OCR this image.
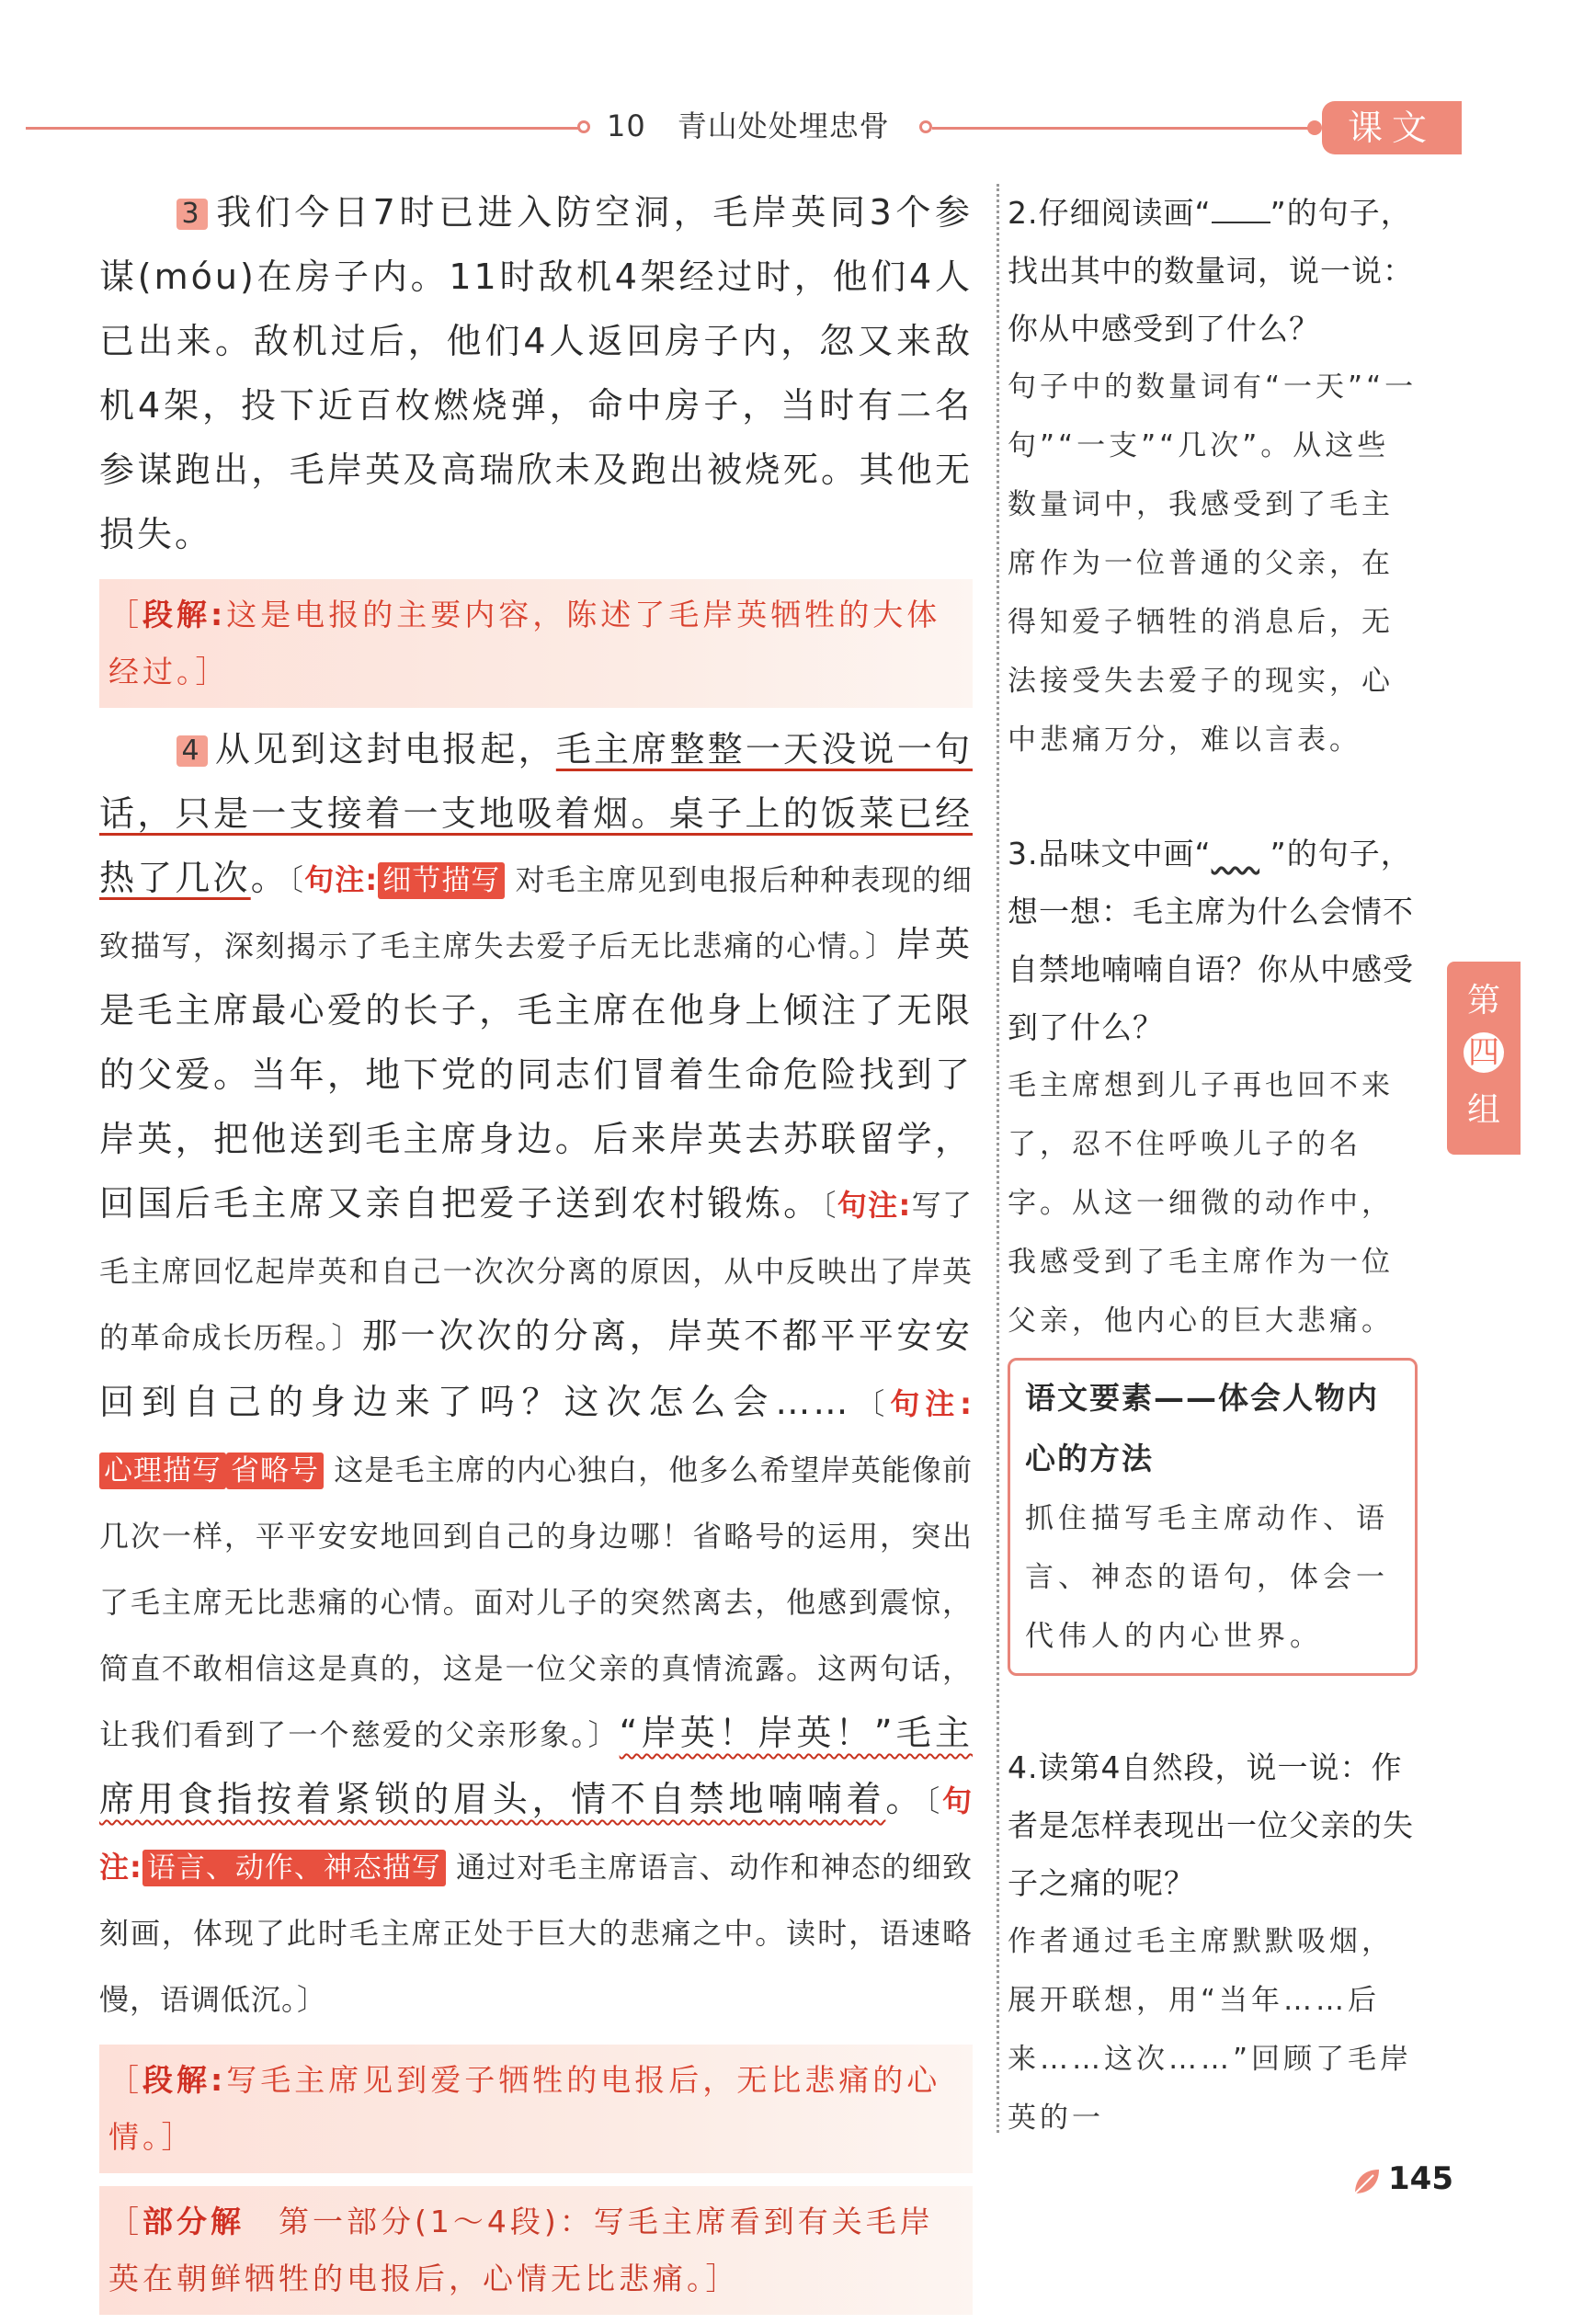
10 青山处处埋忠骨	课文

3 我们今日7时已进入防空洞，毛岸英同3个参谋(móu)在房子内。11时敌机4架经过时，他们4人已出来。敌机过后，他们4人返回房子内，忽又来敌机4架，投下近百枚燃烧弹，命中房子，当时有二名参谋跑出，毛岸英及高瑞欣未及跑出被烧死。其他无损失。

［段解:这是电报的主要内容，陈述了毛岸英牺牲的大体经过。］

4 从见到这封电报起，毛主席整整一天没说一句话，只是一支接着一支地吸着烟。桌子上的饭菜已经热了几次。〔句注: 细节描写 对毛主席见到电报后种种表现的细致描写，深刻揭示了毛主席失去爱子后无比悲痛的心情。〕岸英是毛主席最心爱的长子，毛主席在他身上倾注了无限的父爱。当年，地下党的同志们冒着生命危险找到了岸英，把他送到毛主席身边。后来岸英去苏联留学，回国后毛主席又亲自把爱子送到农村锻炼。〔句注:写了毛主席回忆起岸英和自己一次次分离的原因，从中反映出了岸英的革命成长历程。〕那一次次的分离，岸英不都平平安安回到自己的身边来了吗？这次怎么会……〔句注:心理描写 省略号 这是毛主席的内心独白，他多么希望岸英能像前几次一样，平平安安地回到自己的身边哪！省略号的运用，突出了毛主席无比悲痛的心情。面对儿子的突然离去，他感到震惊，简直不敢相信这是真的，这是一位父亲的真情流露。这两句话，让我们看到了一个慈爱的父亲形象。〕“岸英！岸英！”毛主席用食指按着紧锁的眉头，情不自禁地喃喃着。〔句注: 语言、动作、神态描写 通过对毛主席语言、动作和神态的细致刻画，体现了此时毛主席正处于巨大的悲痛之中。读时，语速略慢，语调低沉。〕

［段解:写毛主席见到爱子牺牲的电报后，无比悲痛的心情。］
［部分解　 第一部分(1～4段)：写毛主席看到有关毛岸英在朝鲜牺牲的电报后，心情无比悲痛。］

2.仔细阅读画“ ”的句子，找出其中的数量词，说一说：你从中感受到了什么？

句子中的数量词有“一天”“一句”“一支”“几次”。从这些数量词中，我感受到了毛主席作为一位普通的父亲，在得知爱子牺牲的消息后，无法接受失去爱子的现实，心中悲痛万分，难以言表。

3.品味文中画“    ”的句子，想一想：毛主席为什么会情不自禁地喃喃自语？你从中感受到了什么？

毛主席想到儿子再也回不来了，忍不住呼唤儿子的名字。从这一细微的动作中，我感受到了毛主席作为一位父亲，他内心的巨大悲痛。

语文要素——体会人物内心的方法
抓住描写毛主席动作、语言、神态的语句，体会一代伟人的内心世界。

4.读第4自然段，说一说：作者是怎样表现出一位父亲的失子之痛的呢？

作者通过毛主席默默吸烟，展开联想，用“当年……后来……这次……”回顾了毛岸英的一

第
四
组
145
